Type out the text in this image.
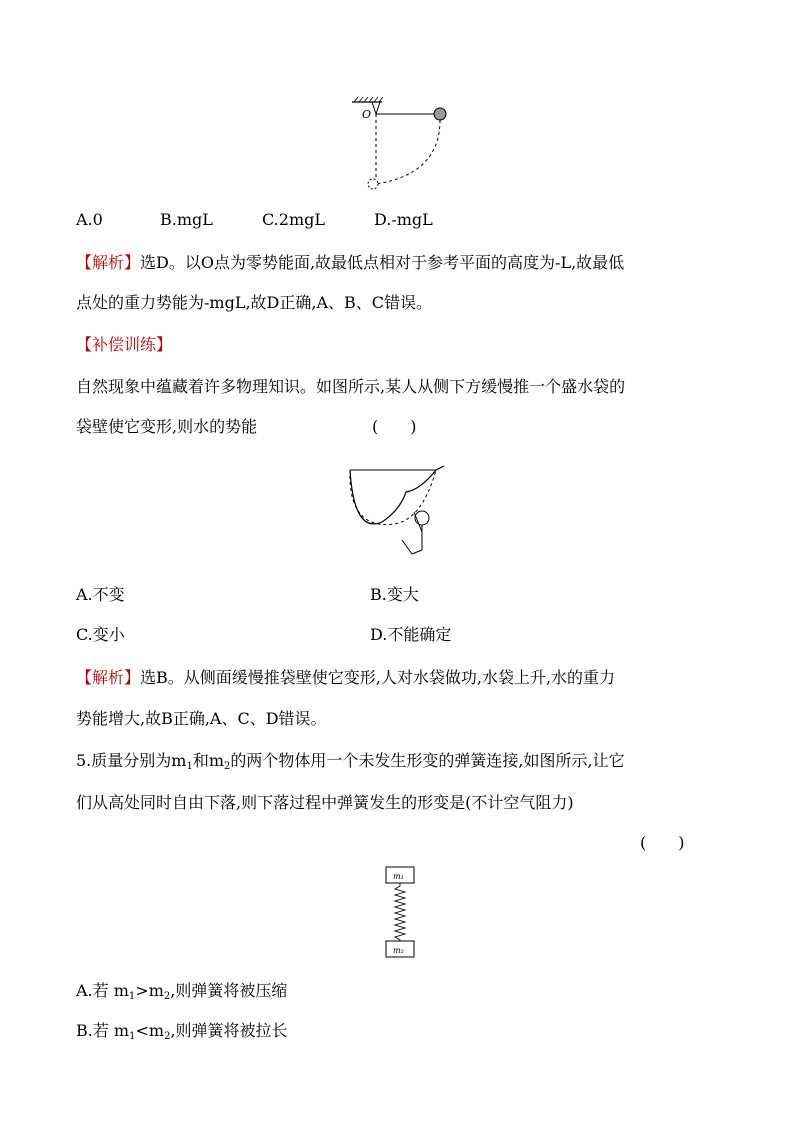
O
A.0	B.mgL	C.2mgL	D.-mgL
【解析】选D。以O点为零势能面,故最低点相对于参考平面的高度为-L,故最低
点处的重力势能为-mgL,故D正确,A、B、C错误。
【补偿训练】
自然现象中蕴藏着许多物理知识。如图所示,某人从侧下方缓慢推一个盛水袋的
袋壁使它变形,则水的势能	(　　)
A.不变	B.变大
C.变小	D.不能确定
【解析】选B。从侧面缓慢推袋壁使它变形,人对水袋做功,水袋上升,水的重力
势能增大,故B正确,A、C、D错误。
5.质量分别为$m_1$和$m_2$的两个物体用一个未发生形变的弹簧连接,如图所示,让它
们从高处同时自由下落,则下落过程中弹簧发生的形变是(不计空气阻力)
(　　)
m₁
m₂
A.若 $m_1>m_2$,则弹簧将被压缩
B.若 $m_1<m_2$,则弹簧将被拉长
